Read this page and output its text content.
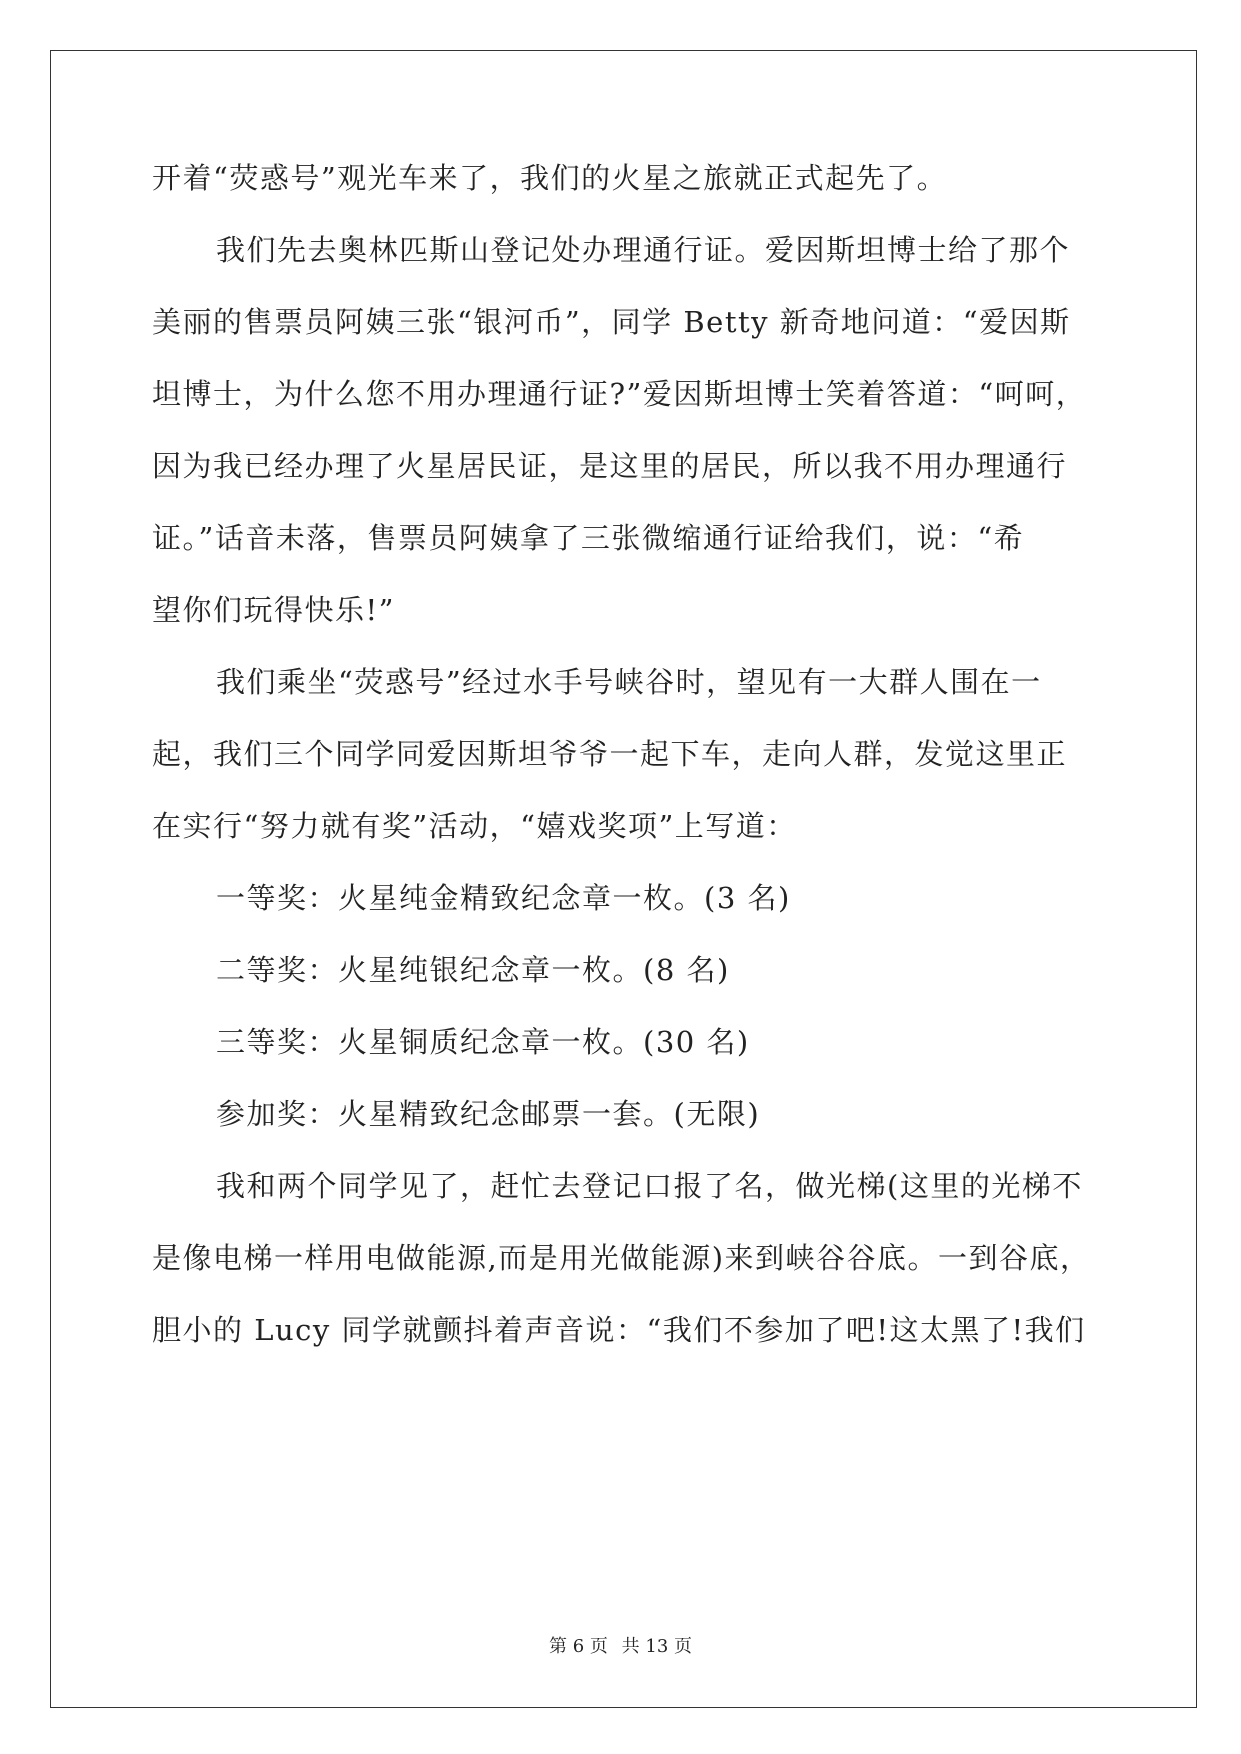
开着“荧惑号”观光车来了，我们的火星之旅就正式起先了。
我们先去奥林匹斯山登记处办理通行证。爱因斯坦博士给了那个
美丽的售票员阿姨三张“银河币”，同学 Betty 新奇地问道：“爱因斯
坦博士，为什么您不用办理通行证?”爱因斯坦博士笑着答道：“呵呵，
因为我已经办理了火星居民证，是这里的居民，所以我不用办理通行
证。”话音未落，售票员阿姨拿了三张微缩通行证给我们，说：“希
望你们玩得快乐!”
我们乘坐“荧惑号”经过水手号峡谷时，望见有一大群人围在一
起，我们三个同学同爱因斯坦爷爷一起下车，走向人群，发觉这里正
在实行“努力就有奖”活动，“嬉戏奖项”上写道：
一等奖：火星纯金精致纪念章一枚。(3 名)
二等奖：火星纯银纪念章一枚。(8 名)
三等奖：火星铜质纪念章一枚。(30 名)
参加奖：火星精致纪念邮票一套。(无限)
我和两个同学见了，赶忙去登记口报了名，做光梯(这里的光梯不
是像电梯一样用电做能源,而是用光做能源)来到峡谷谷底。一到谷底，
胆小的 Lucy 同学就颤抖着声音说：“我们不参加了吧!这太黑了!我们
第 6 页 共 13 页
